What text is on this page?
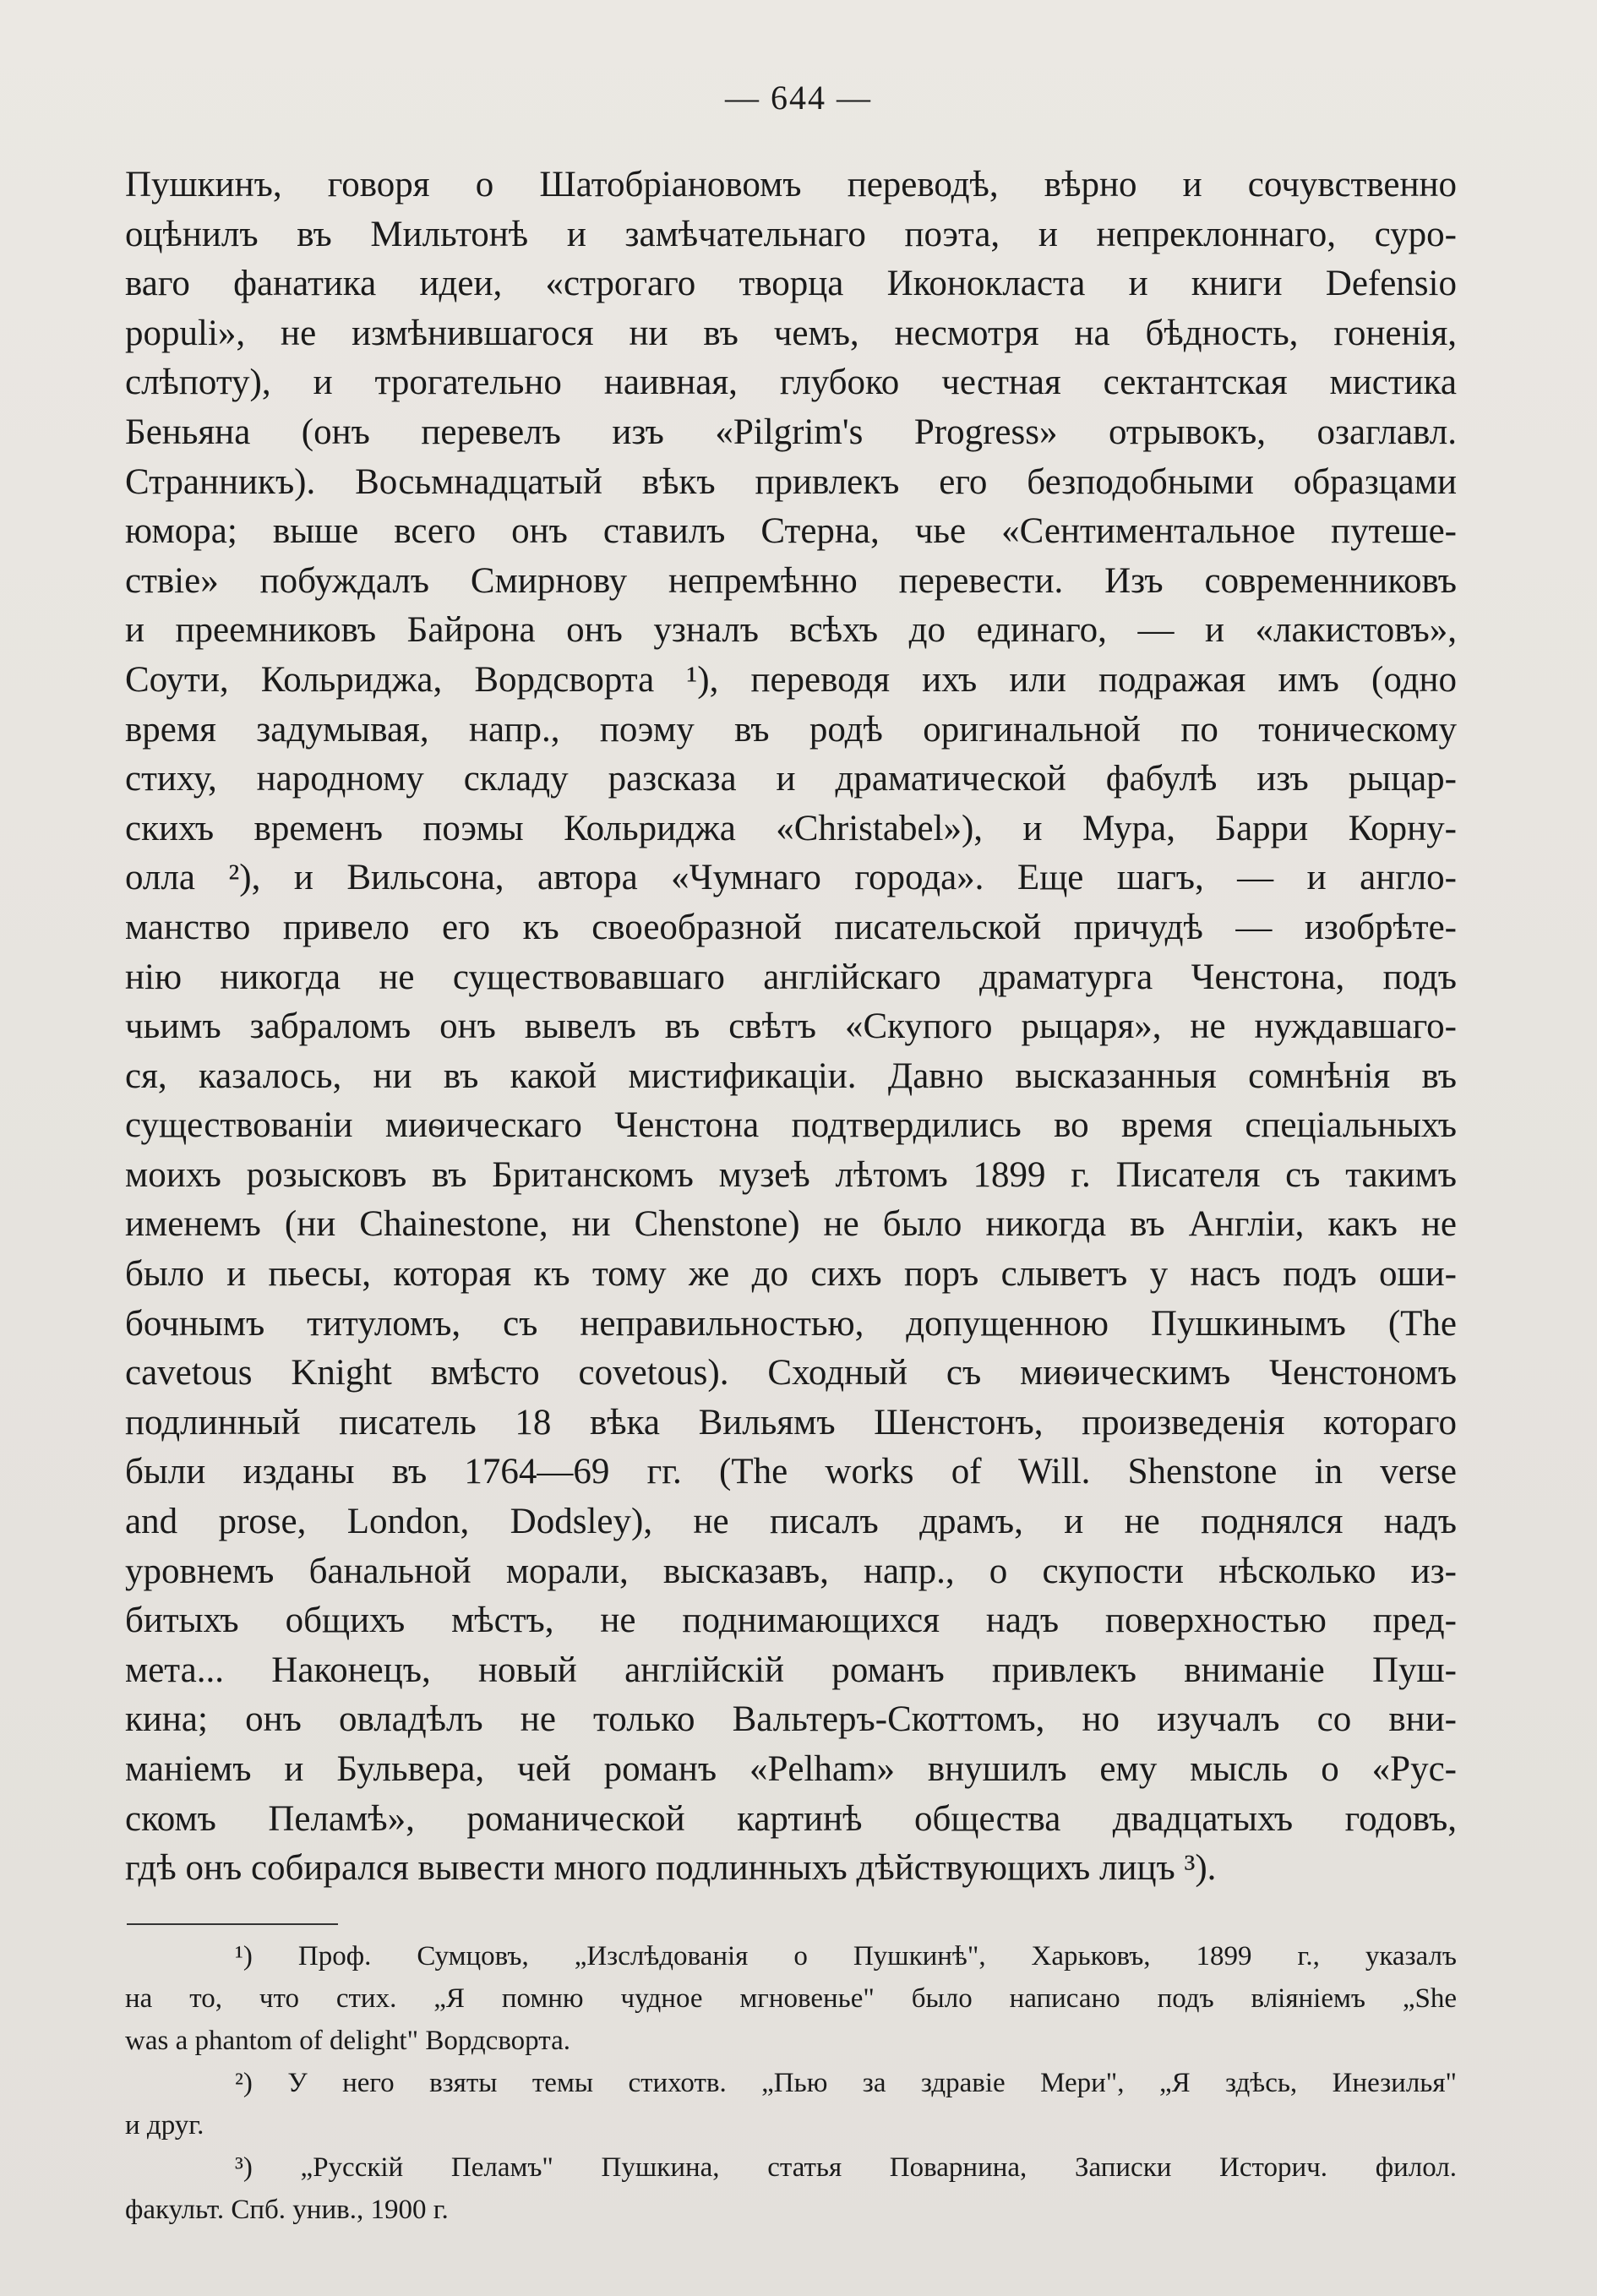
— 644 —
Пушкинъ, говоря о Шатобріановомъ переводѣ, вѣрно и сочувственно
оцѣнилъ въ Мильтонѣ и замѣчательнаго поэта, и непреклоннаго, суро-
ваго фанатика идеи, «строгаго творца Иконокласта и книги Defensio
populi», не измѣнившагося ни въ чемъ, несмотря на бѣдность, гоненія,
слѣпоту), и трогательно наивная, глубоко честная сектантская мистика
Беньяна (онъ перевелъ изъ «Pilgrim's Progress» отрывокъ, озаглавл.
Странникъ). Восьмнадцатый вѣкъ привлекъ его безподобными образцами
юмора; выше всего онъ ставилъ Стерна, чье «Сентиментальное путеше-
ствіе» побуждалъ Смирнову непремѣнно перевести. Изъ современниковъ
и преемниковъ Байрона онъ узналъ всѣхъ до единаго, — и «лакистовъ»,
Соути, Кольриджа, Вордсворта ¹), переводя ихъ или подражая имъ (одно
время задумывая, напр., поэму въ родѣ оригинальной по тоническому
стиху, народному складу разсказа и драматической фабулѣ изъ рыцар-
скихъ временъ поэмы Кольриджа «Christabel»), и Мура, Барри Корну-
олла ²), и Вильсона, автора «Чумнаго города». Еще шагъ, — и англо-
манство привело его къ своеобразной писательской причудѣ — изобрѣте-
нію никогда не существовавшаго англійскаго драматурга Ченстона, подъ
чьимъ забраломъ онъ вывелъ въ свѣтъ «Скупого рыцаря», не нуждавшаго-
ся, казалось, ни въ какой мистификаціи. Давно высказанныя сомнѣнія въ
существованіи миѳическаго Ченстона подтвердились во время спеціальныхъ
моихъ розысковъ въ Британскомъ музеѣ лѣтомъ 1899 г. Писателя съ такимъ
именемъ (ни Chainestone, ни Chenstone) не было никогда въ Англіи, какъ не
было и пьесы, которая къ тому же до сихъ поръ слыветъ у насъ подъ оши-
бочнымъ титуломъ, съ неправильностью, допущенною Пушкинымъ (The
cavetous Knight вмѣсто covetous). Сходный съ миѳическимъ Ченстономъ
подлинный писатель 18 вѣка Вильямъ Шенстонъ, произведенія котораго
были изданы въ 1764—69 гг. (The works of Will. Shenstone in verse
and prose, London, Dodsley), не писалъ драмъ, и не поднялся надъ
уровнемъ банальной морали, высказавъ, напр., о скупости нѣсколько из-
битыхъ общихъ мѣстъ, не поднимающихся надъ поверхностью пред-
мета... Наконецъ, новый англійскій романъ привлекъ вниманіе Пуш-
кина; онъ овладѣлъ не только Вальтеръ-Скоттомъ, но изучалъ со вни-
маніемъ и Бульвера, чей романъ «Pelham» внушилъ ему мысль о «Рус-
скомъ Пеламѣ», романической картинѣ общества двадцатыхъ годовъ,
гдѣ онъ собирался вывести много подлинныхъ дѣйствующихъ лицъ ³).
¹) Проф. Сумцовъ, „Изслѣдованія о Пушкинѣ", Харьковъ, 1899 г., указалъ
на то, что стих. „Я помню чудное мгновенье" было написано подъ вліяніемъ „She
was a phantom of delight" Вордсворта.
²) У него взяты темы стихотв. „Пью за здравіе Мери", „Я здѣсь, Инезилья"
и друг.
³) „Русскій Пеламъ" Пушкина, статья Поварнина, Записки Историч. филол.
факульт. Спб. унив., 1900 г.
